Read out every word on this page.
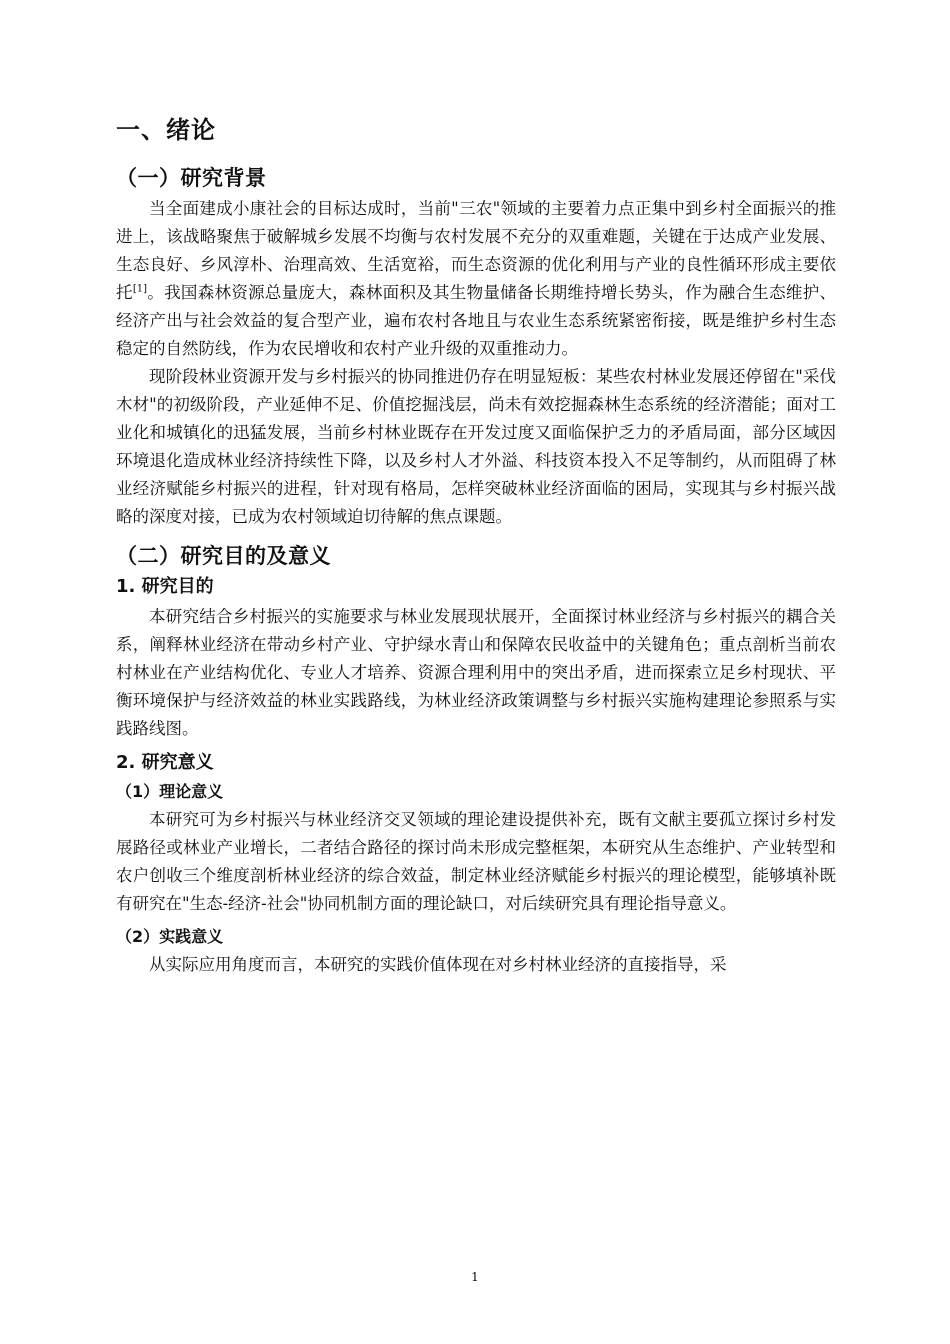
一、绪论
（一）研究背景

当全面建成小康社会的目标达成时，当前"三农"领域的主要着力点正集中到乡村全面振兴的推进上，该战略聚焦于破解城乡发展不均衡与农村发展不充分的双重难题，关键在于达成产业发展、生态良好、乡风淳朴、治理高效、生活宽裕，而生态资源的优化利用与产业的良性循环形成主要依托[1]。我国森林资源总量庞大，森林面积及其生物量储备长期维持增长势头，作为融合生态维护、经济产出与社会效益的复合型产业，遍布农村各地且与农业生态系统紧密衔接，既是维护乡村生态稳定的自然防线，作为农民增收和农村产业升级的双重推动力。

现阶段林业资源开发与乡村振兴的协同推进仍存在明显短板：某些农村林业发展还停留在"采伐木材"的初级阶段，产业延伸不足、价值挖掘浅层，尚未有效挖掘森林生态系统的经济潜能；面对工业化和城镇化的迅猛发展，当前乡村林业既存在开发过度又面临保护乏力的矛盾局面，部分区域因环境退化造成林业经济持续性下降，以及乡村人才外溢、科技资本投入不足等制约，从而阻碍了林业经济赋能乡村振兴的进程，针对现有格局，怎样突破林业经济面临的困局，实现其与乡村振兴战略的深度对接，已成为农村领域迫切待解的焦点课题。

（二）研究目的及意义
1. 研究目的

本研究结合乡村振兴的实施要求与林业发展现状展开，全面探讨林业经济与乡村振兴的耦合关系，阐释林业经济在带动乡村产业、守护绿水青山和保障农民收益中的关键角色；重点剖析当前农村林业在产业结构优化、专业人才培养、资源合理利用中的突出矛盾，进而探索立足乡村现状、平衡环境保护与经济效益的林业实践路线，为林业经济政策调整与乡村振兴实施构建理论参照系与实践路线图。

2. 研究意义
（1）理论意义

本研究可为乡村振兴与林业经济交叉领域的理论建设提供补充，既有文献主要孤立探讨乡村发展路径或林业产业增长，二者结合路径的探讨尚未形成完整框架，本研究从生态维护、产业转型和农户创收三个维度剖析林业经济的综合效益，制定林业经济赋能乡村振兴的理论模型，能够填补既有研究在"生态-经济-社会"协同机制方面的理论缺口，对后续研究具有理论指导意义。

（2）实践意义

从实际应用角度而言，本研究的实践价值体现在对乡村林业经济的直接指导，采

1
